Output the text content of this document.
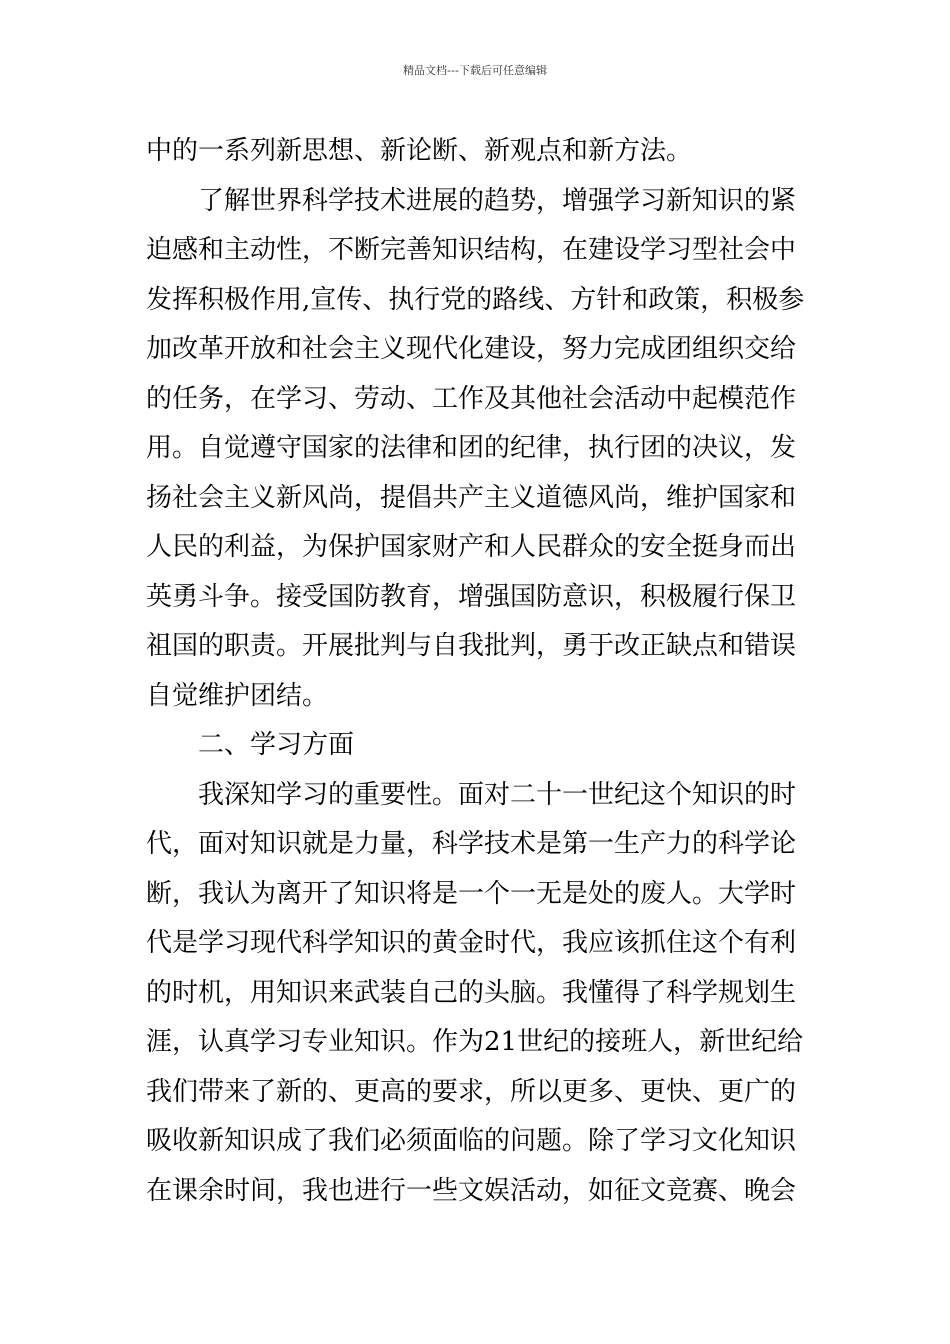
精品文档---下载后可任意编辑
中的一系列新思想、新论断、新观点和新方法。
了解世界科学技术进展的趋势，增强学习新知识的紧
迫感和主动性，不断完善知识结构，在建设学习型社会中
发挥积极作用,宣传、执行党的路线、方针和政策，积极参
加改革开放和社会主义现代化建设，努力完成团组织交给
的任务，在学习、劳动、工作及其他社会活动中起模范作
用。自觉遵守国家的法律和团的纪律，执行团的决议，发
扬社会主义新风尚，提倡共产主义道德风尚，维护国家和
人民的利益，为保护国家财产和人民群众的安全挺身而出
英勇斗争。接受国防教育，增强国防意识，积极履行保卫
祖国的职责。开展批判与自我批判，勇于改正缺点和错误
自觉维护团结。
二、学习方面
我深知学习的重要性。面对二十一世纪这个知识的时
代，面对知识就是力量，科学技术是第一生产力的科学论
断，我认为离开了知识将是一个一无是处的废人。大学时
代是学习现代科学知识的黄金时代，我应该抓住这个有利
的时机，用知识来武装自己的头脑。我懂得了科学规划生
涯，认真学习专业知识。作为21世纪的接班人，新世纪给
我们带来了新的、更高的要求，所以更多、更快、更广的
吸收新知识成了我们必须面临的问题。除了学习文化知识
在课余时间，我也进行一些文娱活动，如征文竞赛、晚会
